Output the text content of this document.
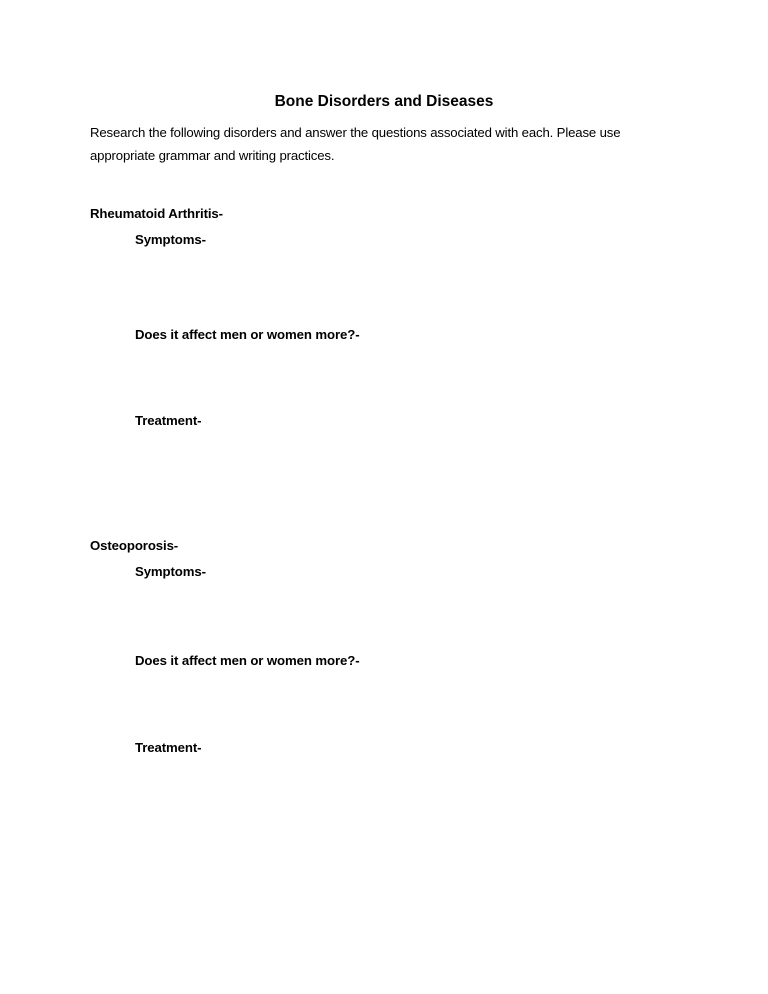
Bone Disorders and Diseases
Research the following disorders and answer the questions associated with each. Please use
appropriate grammar and writing practices.
Rheumatoid Arthritis-
Symptoms-
Does it affect men or women more?-
Treatment-
Osteoporosis-
Symptoms-
Does it affect men or women more?-
Treatment-
